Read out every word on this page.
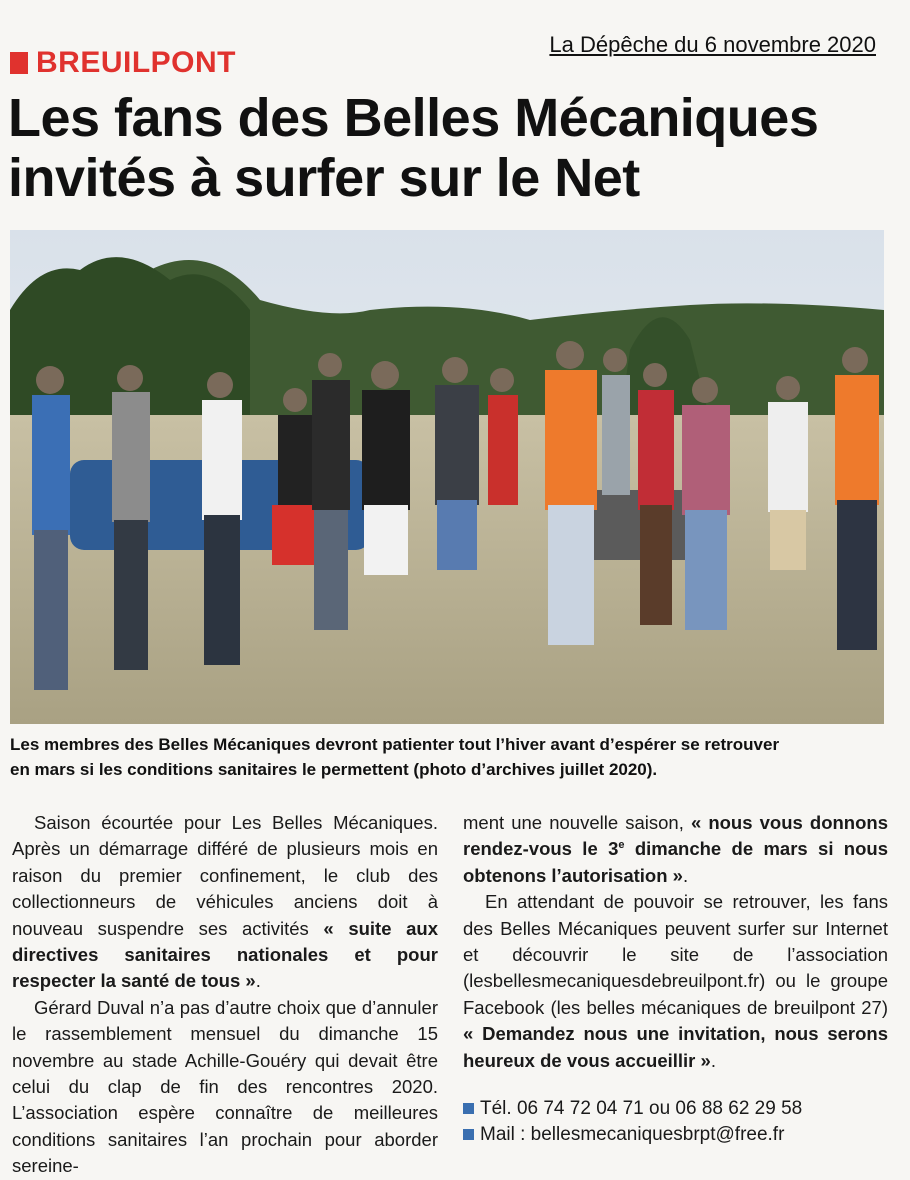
BREUILPONT
La Dépêche du 6 novembre 2020
Les fans des Belles Mécaniques
invités à surfer sur le Net
Les membres des Belles Mécaniques devront patienter tout l’hiver avant d’espérer se retrouver
en mars si les conditions sanitaires le permettent (photo d’archives juillet 2020).

Saison écourtée pour Les Belles Mécaniques. Après un démarrage différé de plusieurs mois en raison du premier confinement, le club des collectionneurs de véhicules anciens doit à nouveau suspendre ses activités « suite aux directives sanitaires nationales et pour respecter la santé de tous ».

Gérard Duval n’a pas d’autre choix que d’annuler le rassemblement mensuel du dimanche 15 novembre au stade Achille-Gouéry qui devait être celui du clap de fin des rencontres 2020. L’association espère connaître de meilleures conditions sanitaires l’an prochain pour aborder sereine-

ment une nouvelle saison, « nous vous donnons rendez-vous le 3e dimanche de mars si nous obtenons l’autorisation ».

En attendant de pouvoir se retrouver, les fans des Belles Mécaniques peuvent surfer sur Internet et découvrir le site de l’association (lesbellesmecaniquesdebreuilpont.fr) ou le groupe Facebook (les belles mécaniques de breuilpont 27) « Demandez nous une invitation, nous serons heureux de vous accueillir ».

Tél. 06 74 72 04 71 ou 06 88 62 29 58
Mail : bellesmecaniquesbrpt@free.fr
